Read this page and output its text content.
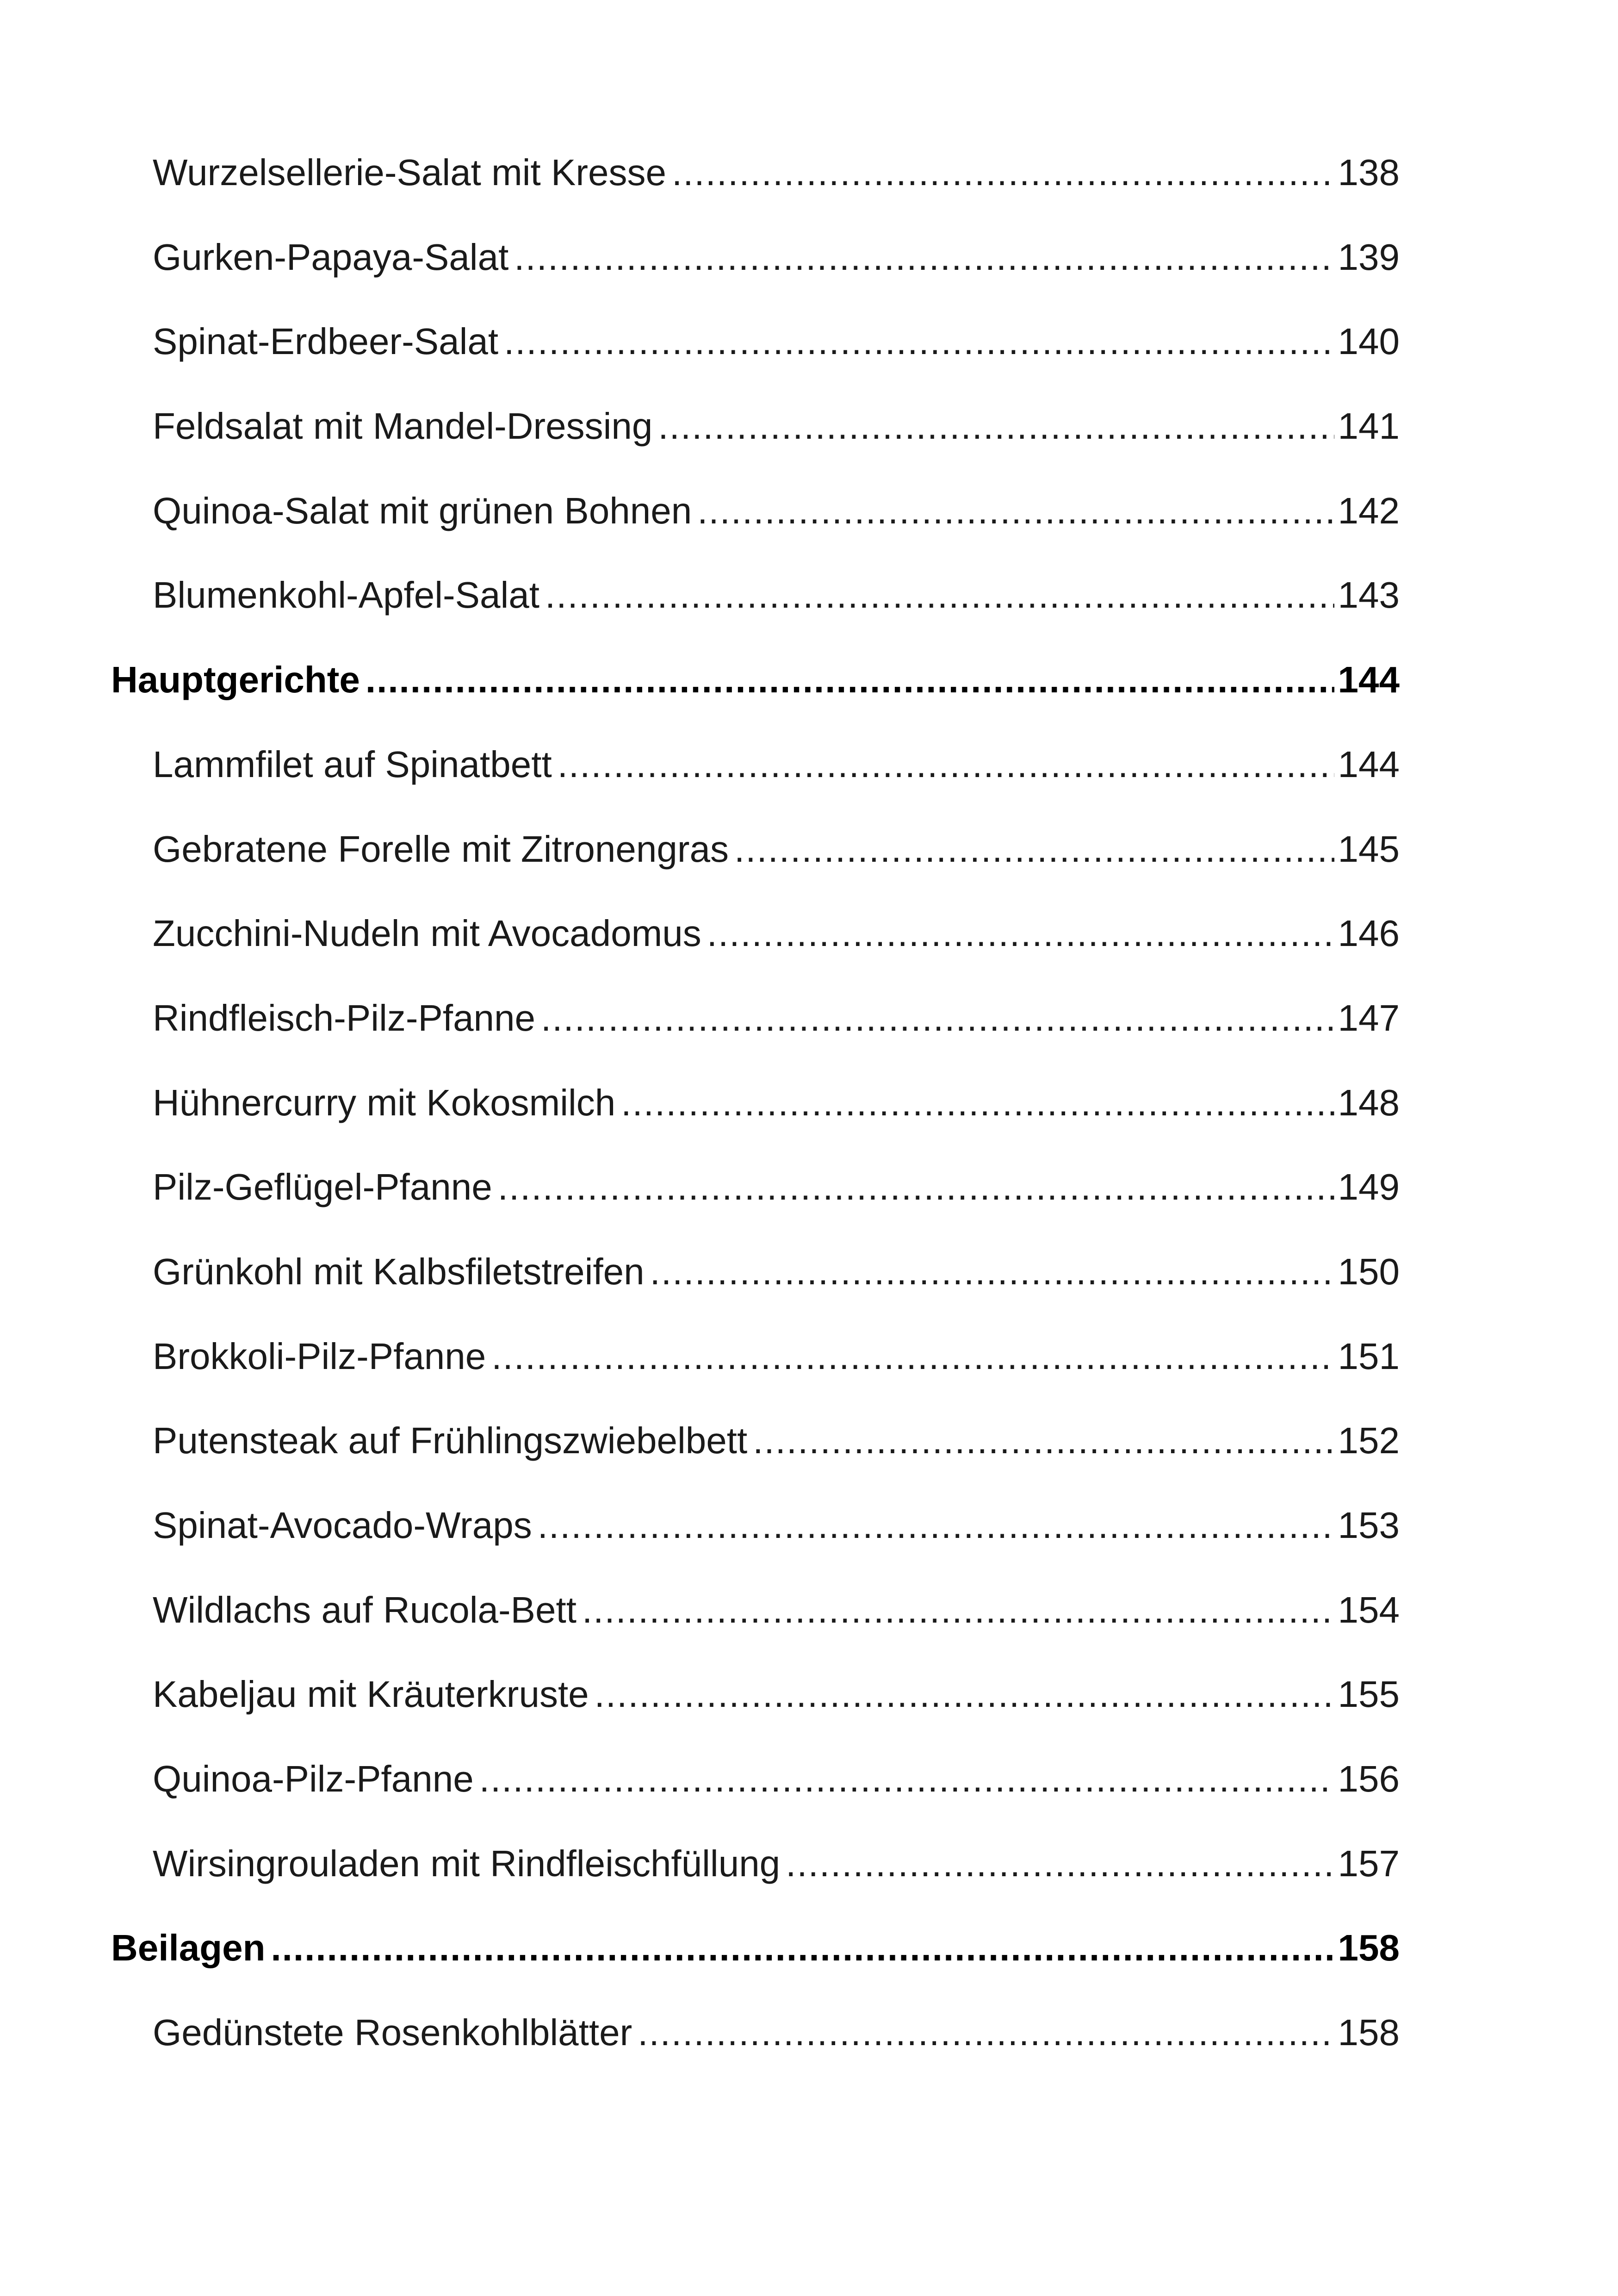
Wurzelsellerie-Salat mit Kresse .....	138
Gurken-Papaya-Salat .....	139
Spinat-Erdbeer-Salat .....	140
Feldsalat mit Mandel-Dressing .....	141
Quinoa-Salat mit grünen Bohnen .....	142
Blumenkohl-Apfel-Salat .....	143
Hauptgerichte .....	144
Lammfilet auf Spinatbett .....	144
Gebratene Forelle mit Zitronengras .....	145
Zucchini-Nudeln mit Avocadomus .....	146
Rindfleisch-Pilz-Pfanne .....	147
Hühnercurry mit Kokosmilch .....	148
Pilz-Geflügel-Pfanne .....	149
Grünkohl mit Kalbsfiletstreifen .....	150
Brokkoli-Pilz-Pfanne .....	151
Putensteak auf Frühlingszwiebelbett .....	152
Spinat-Avocado-Wraps .....	153
Wildlachs auf Rucola-Bett .....	154
Kabeljau mit Kräuterkruste .....	155
Quinoa-Pilz-Pfanne .....	156
Wirsingrouladen mit Rindfleischfüllung .....	157
Beilagen .....	158
Gedünstete Rosenkohlblätter .....	158
